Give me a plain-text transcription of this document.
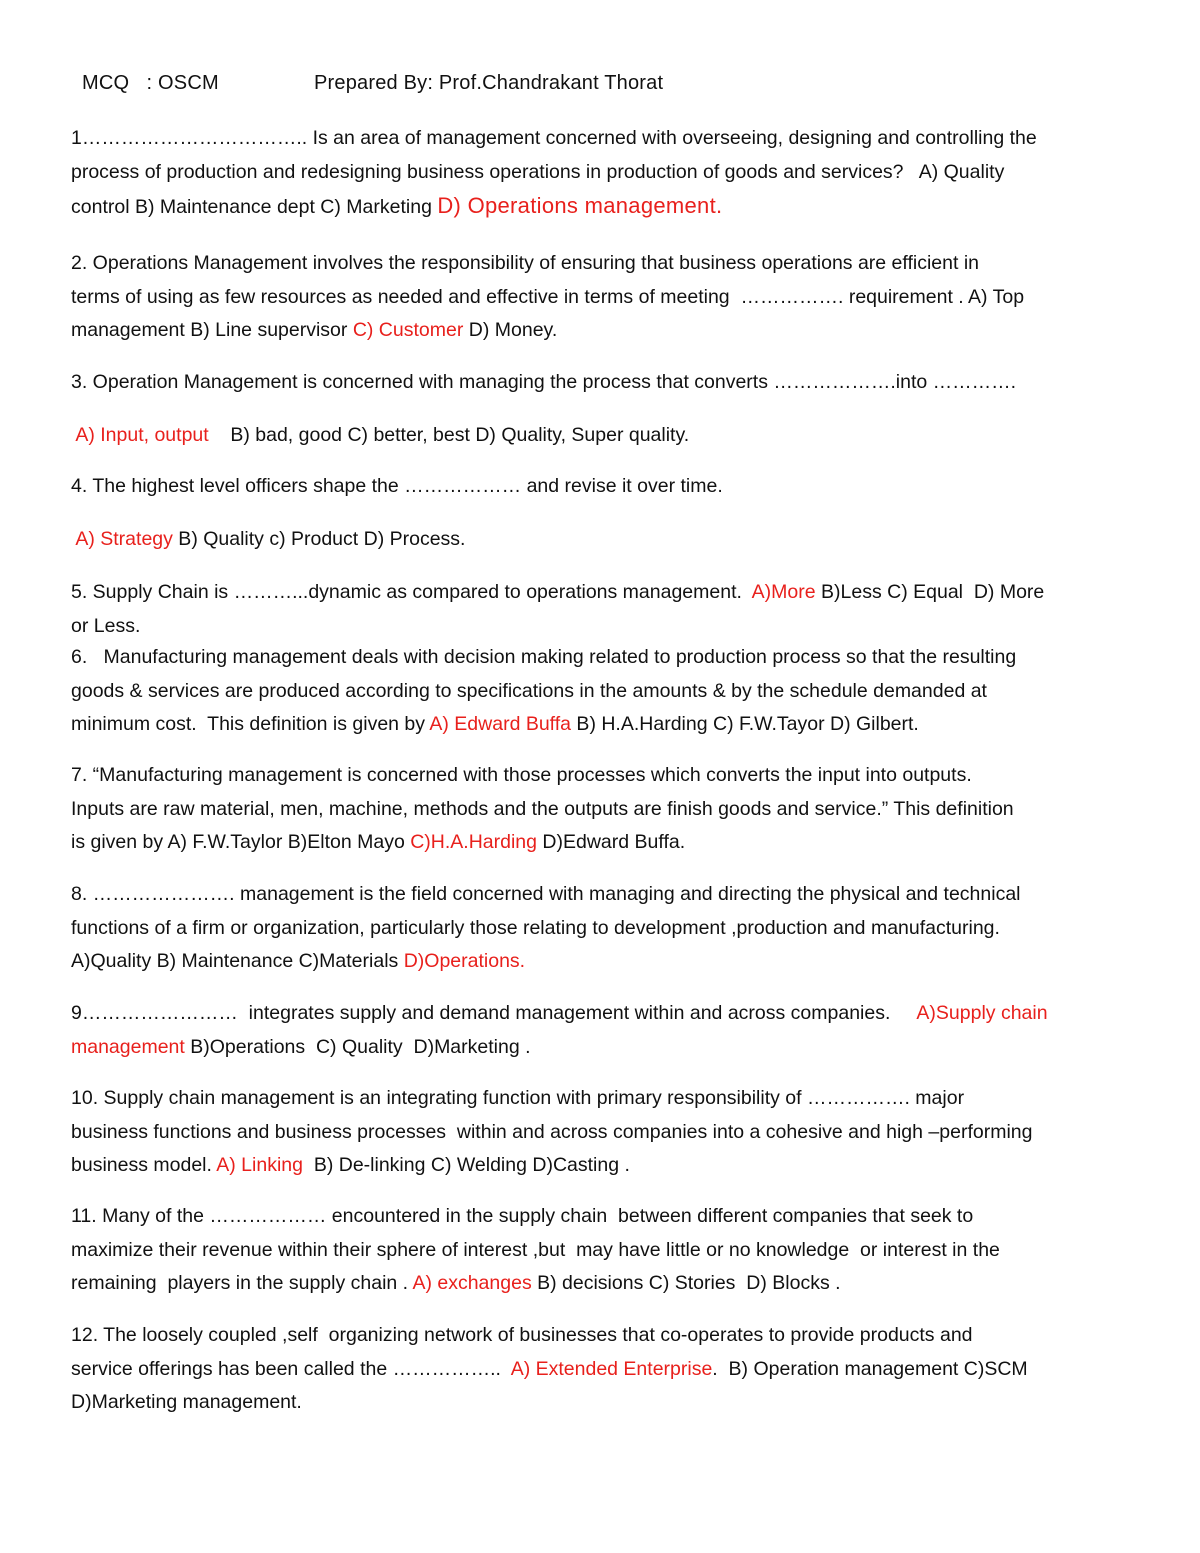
MCQ   : OSCM	Prepared By: Prof.Chandrakant Thorat
1…………………………….. Is an area of management concerned with overseeing, designing and controlling the
process of production and redesigning business operations in production of goods and services?   A) Quality
control B) Maintenance dept C) Marketing D) Operations management.
2. Operations Management involves the responsibility of ensuring that business operations are efficient in
terms of using as few resources as needed and effective in terms of meeting  ……………. requirement . A) Top
management B) Line supervisor C) Customer D) Money.
3. Operation Management is concerned with managing the process that converts ……………….into ………….
A) Input, output    B) bad, good C) better, best D) Quality, Super quality.
4. The highest level officers shape the ……………… and revise it over time.
A) Strategy B) Quality c) Product D) Process.
5. Supply Chain is ………...dynamic as compared to operations management.  A)More B)Less C) Equal  D) More
or Less.
6.   Manufacturing management deals with decision making related to production process so that the resulting
goods & services are produced according to specifications in the amounts & by the schedule demanded at
minimum cost.  This definition is given by A) Edward Buffa B) H.A.Harding C) F.W.Tayor D) Gilbert.
7. “Manufacturing management is concerned with those processes which converts the input into outputs.
Inputs are raw material, men, machine, methods and the outputs are finish goods and service.” This definition
is given by A) F.W.Taylor B)Elton Mayo C)H.A.Harding D)Edward Buffa.
8. …………………. management is the field concerned with managing and directing the physical and technical
functions of a firm or organization, particularly those relating to development ,production and manufacturing.
A)Quality B) Maintenance C)Materials D)Operations.
9……………………  integrates supply and demand management within and across companies.     A)Supply chain
management B)Operations  C) Quality  D)Marketing .
10. Supply chain management is an integrating function with primary responsibility of ……………. major
business functions and business processes  within and across companies into a cohesive and high –performing
business model. A) Linking  B) De-linking C) Welding D)Casting .
11. Many of the ……………… encountered in the supply chain  between different companies that seek to
maximize their revenue within their sphere of interest ,but  may have little or no knowledge  or interest in the
remaining  players in the supply chain . A) exchanges B) decisions C) Stories  D) Blocks .
12. The loosely coupled ,self  organizing network of businesses that co-operates to provide products and
service offerings has been called the ……………..  A) Extended Enterprise.  B) Operation management C)SCM
D)Marketing management.
